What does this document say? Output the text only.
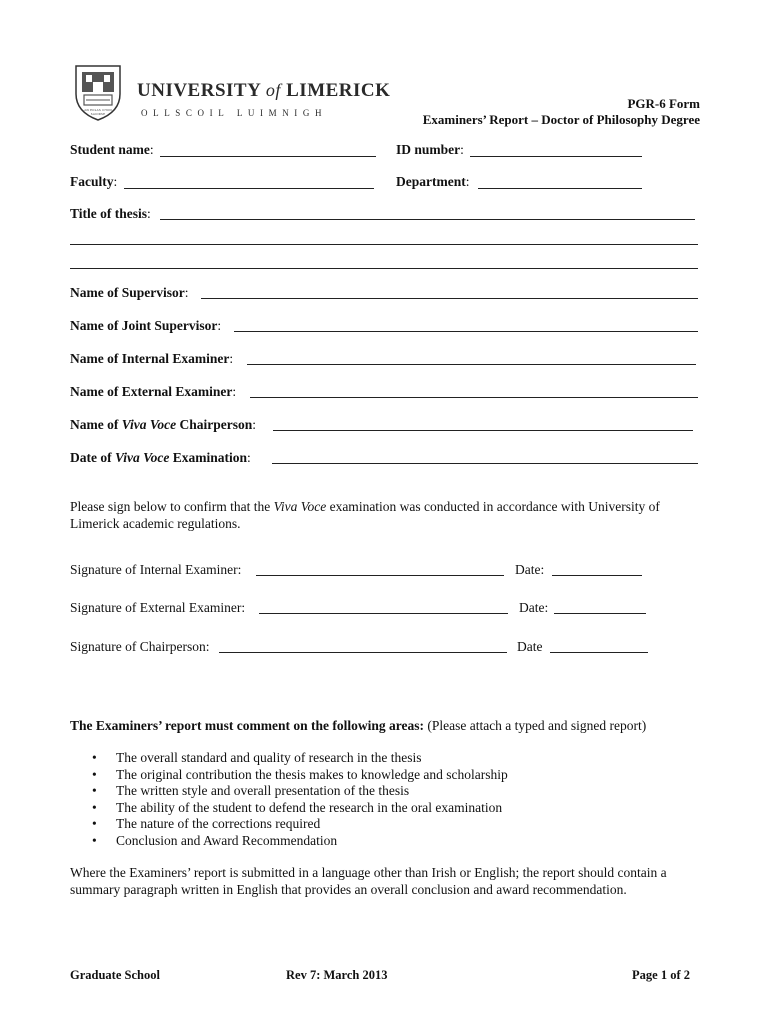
AN EOLAS CHUN SAOIRSE
UNIVERSITY of LIMERICK
OLLSCOIL LUIMNIGH
PGR-6 Form
Examiners’ Report – Doctor of Philosophy Degree
Student name:	ID number:
Faculty:	Department:
Title of thesis:
Name of Supervisor:
Name of Joint Supervisor:
Name of Internal Examiner:
Name of External Examiner:
Name of Viva Voce Chairperson:
Date of Viva Voce Examination:
Please sign below to confirm that the Viva Voce examination was conducted in accordance with University of Limerick academic regulations.
Signature of Internal Examiner:	Date:
Signature of External Examiner:	Date:
Signature of Chairperson:	Date
The Examiners’ report must comment on the following areas: (Please attach a typed and signed report)
• The overall standard and quality of research in the thesis
• The original contribution the thesis makes to knowledge and scholarship
• The written style and overall presentation of the thesis
• The ability of the student to defend the research in the oral examination
• The nature of the corrections required
• Conclusion and Award Recommendation
Where the Examiners’ report is submitted in a language other than Irish or English; the report should contain a summary paragraph written in English that provides an overall conclusion and award recommendation.
Graduate School	Rev 7: March 2013	Page 1 of 2
